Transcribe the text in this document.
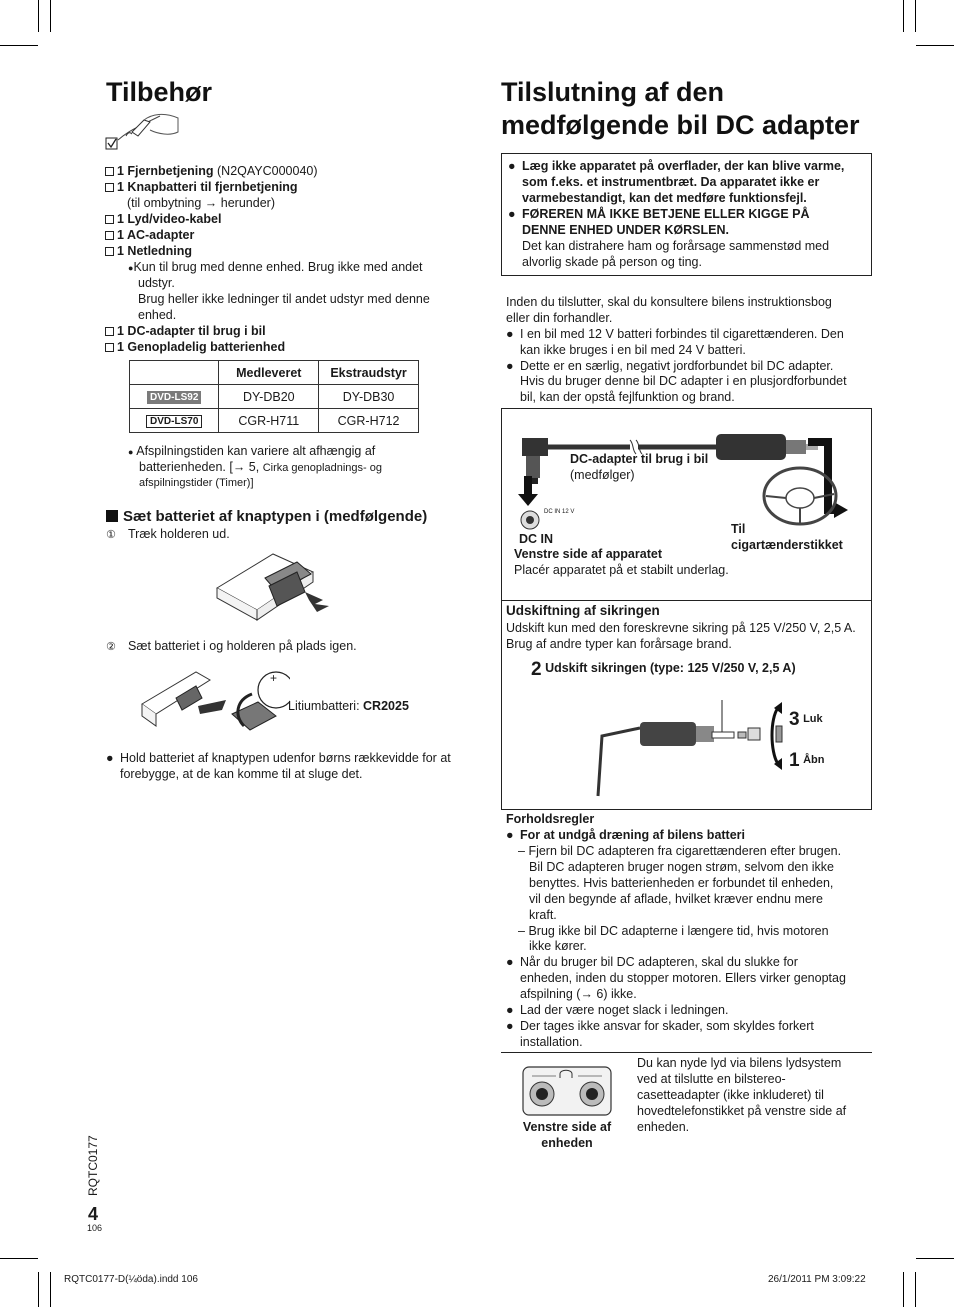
Tilbehør
1 Fjernbetjening (N2QAYC000040)
1 Knapbatteri til fjernbetjening
(til ombytning → herunder)
1 Lyd/video-kabel
1 AC-adapter
1 Netledning
●Kun til brug med denne enhed. Brug ikke med andet
udstyr.
Brug heller ikke ledninger til andet udstyr med denne
enhed.
1 DC-adapter til brug i bil
1 Genopladelig batterienhed
	Medleveret	Ekstraudstyr
DVD-LS92	DY-DB20	DY-DB30
DVD-LS70	CGR-H711	CGR-H712
● Afspilningstiden kan variere alt afhængig af
batterienheden. [→ 5, Cirka genopladnings- og
afspilningstider (Timer)]
Sæt batteriet af knaptypen i (medfølgende)
① Træk holderen ud.
② Sæt batteriet i og holderen på plads igen.
+
Litiumbatteri: CR2025
● Hold batteriet af knaptypen udenfor børns rækkevidde for at
forebygge, at de kan komme til at sluge det.
Tilslutning af den
medfølgende bil DC adapter
● Læg ikke apparatet på overflader, der kan blive varme,
som f.eks. et instrumentbræt. Da apparatet ikke er
varmebestandigt, kan det medføre funktionsfejl.
● FØREREN MÅ IKKE BETJENE ELLER KIGGE PÅ
DENNE ENHED UNDER KØRSLEN.
Det kan distrahere ham og forårsage sammenstød med
alvorlig skade på person og ting.
Inden du tilslutter, skal du konsultere bilens instruktionsbog
eller din forhandler.
● I en bil med 12 V batteri forbindes til cigarettænderen. Den
kan ikke bruges i en bil med 24 V batteri.
● Dette er en særlig, negativt jordforbundet bil DC adapter.
Hvis du bruger denne bil DC adapter i en plusjordforbundet
bil, kan der opstå fejlfunktion og brand.
DC-adapter til brug i bil
(medfølger)
DC IN 12 V
DC IN
Venstre side af apparatet
Placér apparatet på et stabilt underlag.
Til
cigartænderstikket
Udskiftning af sikringen
Udskift kun med den foreskrevne sikring på 125 V/250 V, 2,5 A.
Brug af andre typer kan forårsage brand.
2 Udskift sikringen (type: 125 V/250 V, 2,5 A)
3 Luk
1 Åbn
Forholdsregler
● For at undgå dræning af bilens batteri
– Fjern bil DC adapteren fra cigarettænderen efter brugen.
Bil DC adapteren bruger nogen strøm, selvom den ikke
benyttes. Hvis batterienheden er forbundet til enheden,
vil den begynde af aflade, hvilket kræver endnu mere
kraft.
– Brug ikke bil DC adapterne i længere tid, hvis motoren
ikke kører.
● Når du bruger bil DC adapteren, skal du slukke for
enheden, inden du stopper motoren. Ellers virker genoptag
afspilning (→ 6) ikke.
● Lad der være noget slack i ledningen.
● Der tages ikke ansvar for skader, som skyldes forkert
installation.
Venstre side af
enheden
Du kan nyde lyd via bilens lydsystem
ved at tilslutte en bilstereo-
casetteadapter (ikke inkluderet) til
hovedtelefonstikket på venstre side af
enheden.
RQTC0177
4
106
RQTC0177-D(¼öda).indd 106	26/1/2011 PM 3:09:22
